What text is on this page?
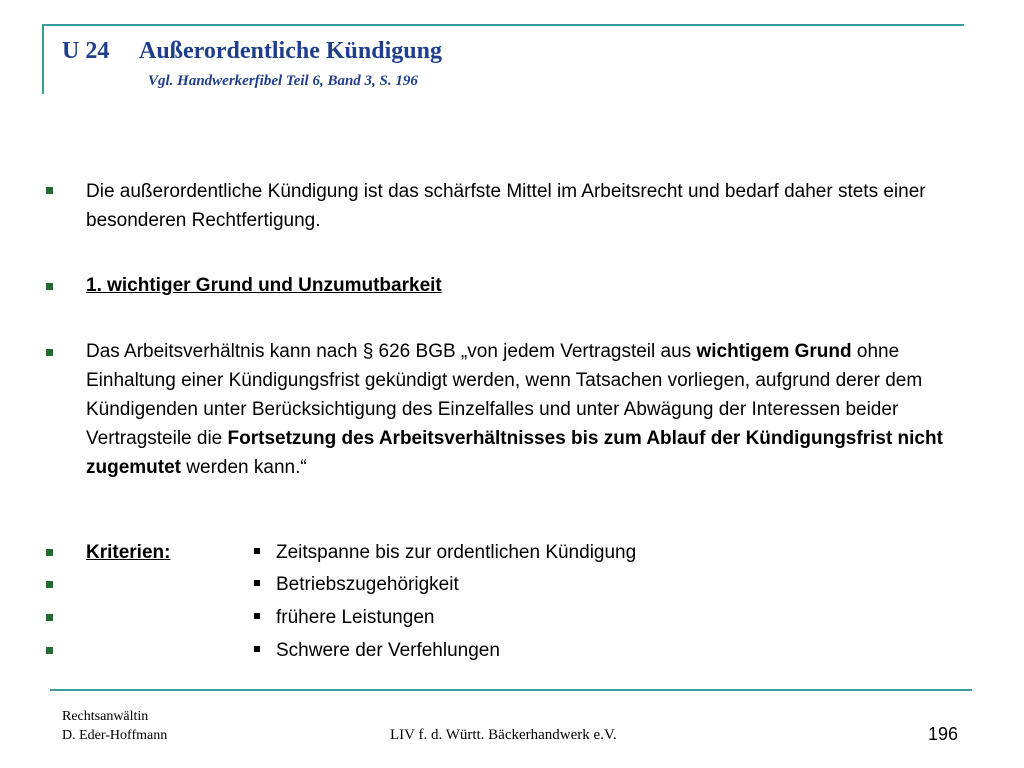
U 24 Außerordentliche Kündigung
Vgl. Handwerkerfibel Teil 6, Band 3, S. 196

Die außerordentliche Kündigung ist das schärfste Mittel im Arbeitsrecht und bedarf daher stets einer besonderen Rechtfertigung.

1. wichtiger Grund und Unzumutbarkeit

Das Arbeitsverhältnis kann nach § 626 BGB „von jedem Vertragsteil aus wichtigem Grund ohne Einhaltung einer Kündigungsfrist gekündigt werden, wenn Tatsachen vorliegen, aufgrund derer dem Kündigenden unter Berücksichtigung des Einzelfalles und unter Abwägung der Interessen beider Vertragsteile die Fortsetzung des Arbeitsverhältnisses bis zum Ablauf der Kündigungsfrist nicht zugemutet werden kann.“

Kriterien:	Zeitspanne bis zur ordentlichen Kündigung
Betriebszugehörigkeit
frühere Leistungen
Schwere der Verfehlungen
Rechtsanwältin
D. Eder-Hoffmann	LIV f. d. Württ. Bäckerhandwerk e.V.	196
